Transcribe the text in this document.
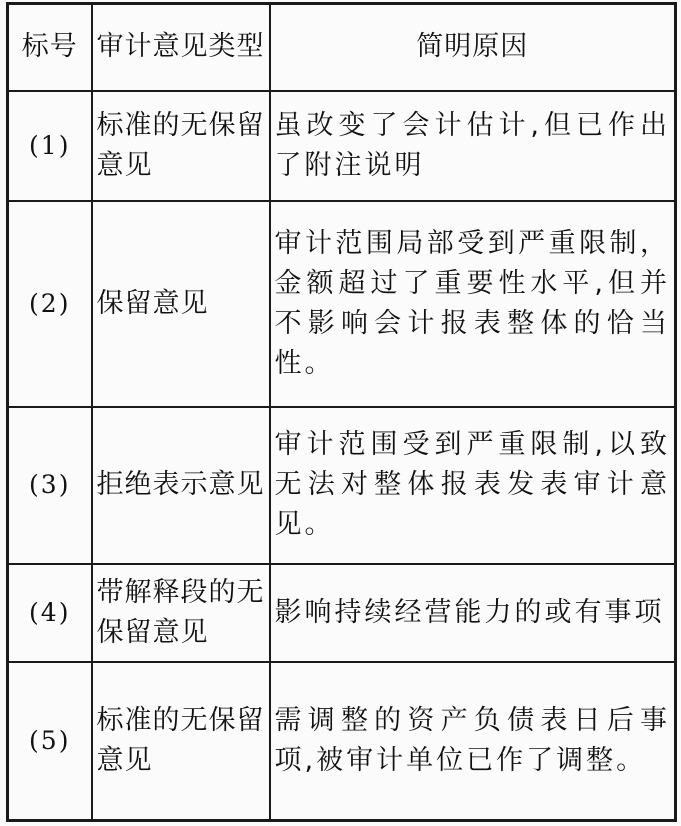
标号	审计意见类型	简明原因
(1)	标准的无保留意见	虽改变了会计估计,但已作出了附注说明
(2)	保留意见	审计范围局部受到严重限制，金额超过了重要性水平,但并不影响会计报表整体的恰当性。
(3)	拒绝表示意见	审计范围受到严重限制,以致无法对整体报表发表审计意见。
(4)	带解释段的无保留意见	影响持续经营能力的或有事项
(5)	标准的无保留意见	需调整的资产负债表日后事项,被审计单位已作了调整。
